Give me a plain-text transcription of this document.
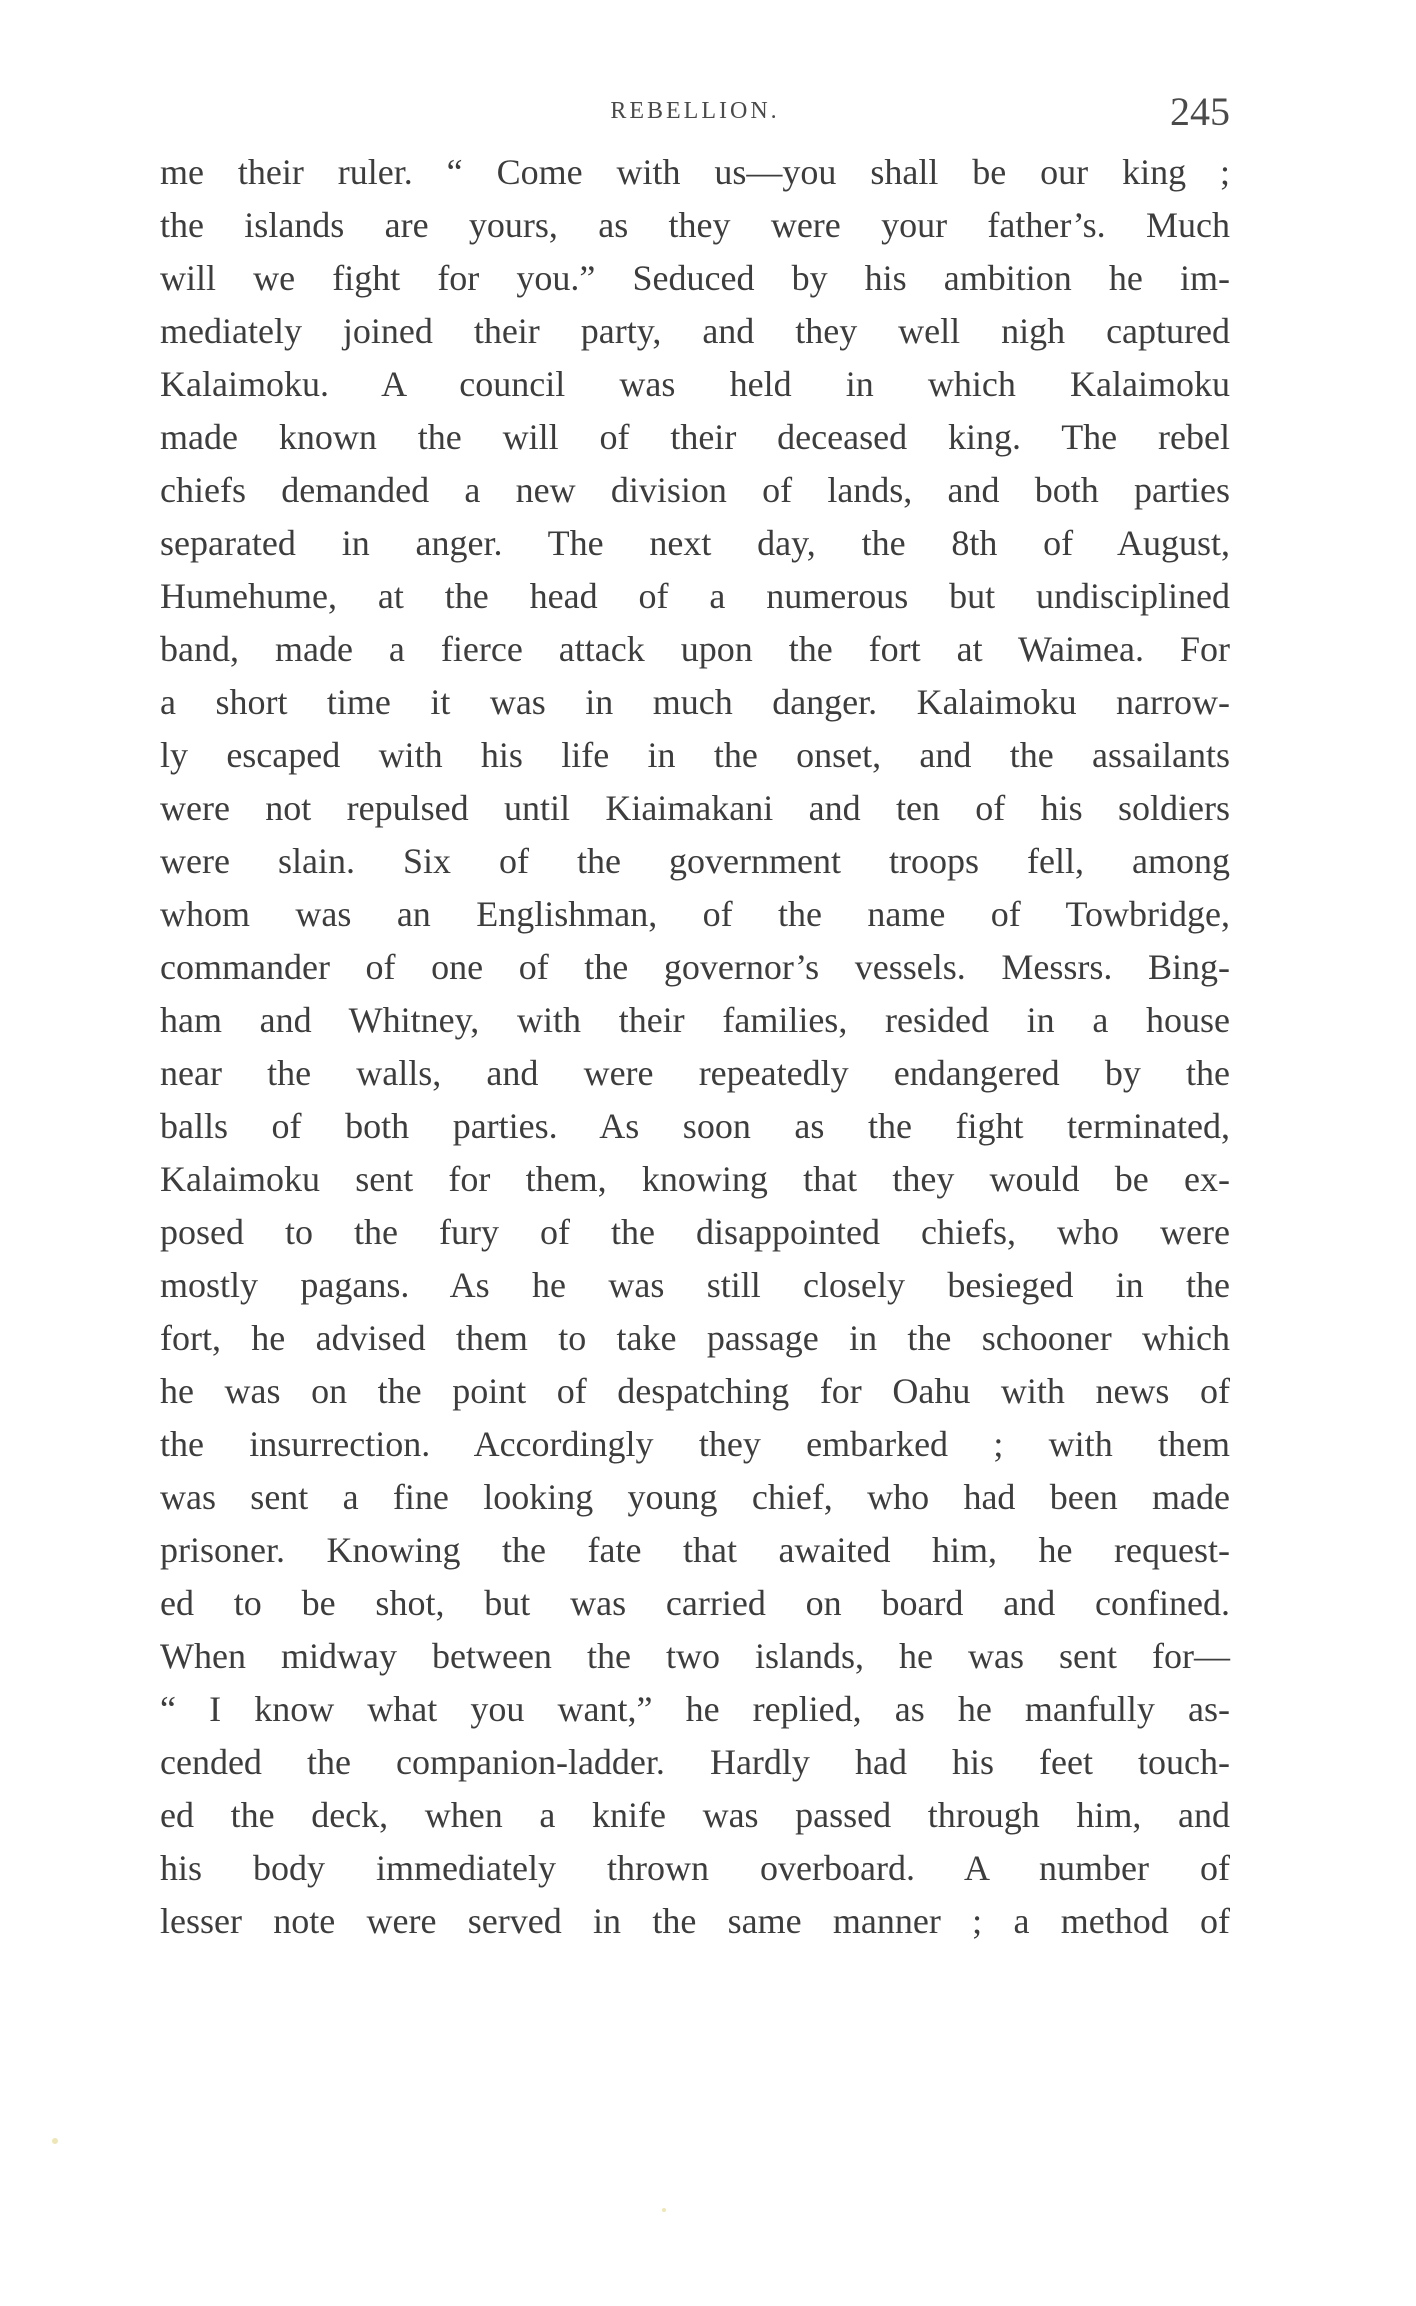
REBELLION.	245
me their ruler. “ Come with us—you shall be our king ;
the islands are yours, as they were your father’s. Much
will we fight for you.” Seduced by his ambition he im-
mediately joined their party, and they well nigh captured
Kalaimoku. A council was held in which Kalaimoku
made known the will of their deceased king. The rebel
chiefs demanded a new division of lands, and both parties
separated in anger. The next day, the 8th of August,
Humehume, at the head of a numerous but undisciplined
band, made a fierce attack upon the fort at Waimea. For
a short time it was in much danger. Kalaimoku narrow-
ly escaped with his life in the onset, and the assailants
were not repulsed until Kiaimakani and ten of his soldiers
were slain. Six of the government troops fell, among
whom was an Englishman, of the name of Towbridge,
commander of one of the governor’s vessels. Messrs. Bing-
ham and Whitney, with their families, resided in a house
near the walls, and were repeatedly endangered by the
balls of both parties. As soon as the fight terminated,
Kalaimoku sent for them, knowing that they would be ex-
posed to the fury of the disappointed chiefs, who were
mostly pagans. As he was still closely besieged in the
fort, he advised them to take passage in the schooner which
he was on the point of despatching for Oahu with news of
the insurrection. Accordingly they embarked ; with them
was sent a fine looking young chief, who had been made
prisoner. Knowing the fate that awaited him, he request-
ed to be shot, but was carried on board and confined.
When midway between the two islands, he was sent for—
“ I know what you want,” he replied, as he manfully as-
cended the companion-ladder. Hardly had his feet touch-
ed the deck, when a knife was passed through him, and
his body immediately thrown overboard. A number of
lesser note were served in the same manner ; a method of
